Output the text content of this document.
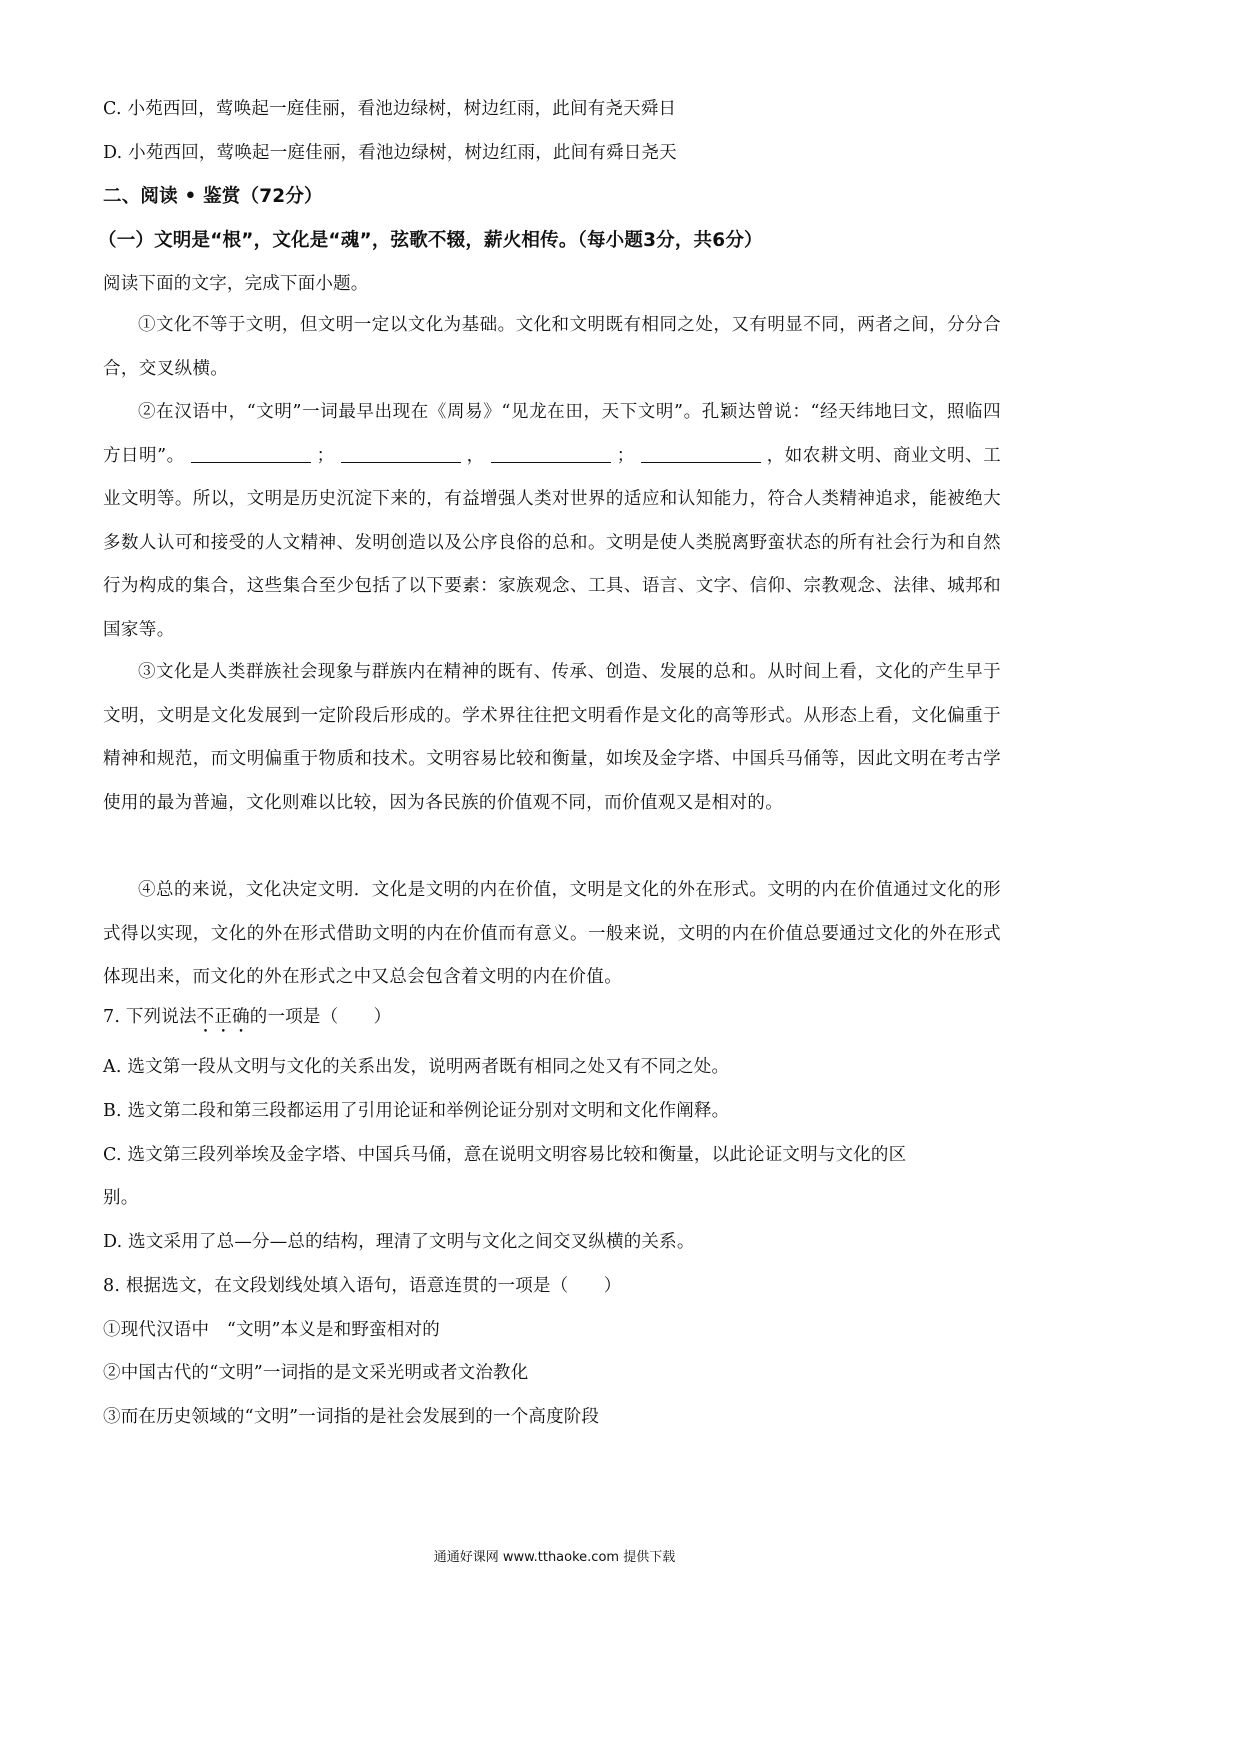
C. 小苑西回，莺唤起一庭佳丽，看池边绿树，树边红雨，此间有尧天舜日
D. 小苑西回，莺唤起一庭佳丽，看池边绿树，树边红雨，此间有舜日尧天
二、阅读 • 鉴赏（72分）
（一）文明是“根”，文化是“魂”，弦歌不辍，薪火相传。（每小题3分，共6分）
阅读下面的文字，完成下面小题。
①文化不等于文明，但文明一定以文化为基础。文化和文明既有相同之处，又有明显不同，两者之间，分分合合，交叉纵横。
②在汉语中，“文明”一词最早出现在《周易》“见龙在田，天下文明”。孔颖达曾说：“经天纬地曰文，照临四方日明”。	；	，	；	，如农耕文明、商业文明、工业文明等。所以，文明是历史沉淀下来的，有益增强人类对世界的适应和认知能力，符合人类精神追求，能被绝大多数人认可和接受的人文精神、发明创造以及公序良俗的总和。文明是使人类脱离野蛮状态的所有社会行为和自然行为构成的集合，这些集合至少包括了以下要素：家族观念、工具、语言、文字、信仰、宗教观念、法律、城邦和国家等。
③文化是人类群族社会现象与群族内在精神的既有、传承、创造、发展的总和。从时间上看，文化的产生早于文明，文明是文化发展到一定阶段后形成的。学术界往往把文明看作是文化的高等形式。从形态上看，文化偏重于精神和规范，而文明偏重于物质和技术。文明容易比较和衡量，如埃及金字塔、中国兵马俑等，因此文明在考古学使用的最为普遍，文化则难以比较，因为各民族的价值观不同，而价值观又是相对的。
④总的来说，文化决定文明．文化是文明的内在价值，文明是文化的外在形式。文明的内在价值通过文化的形式得以实现，文化的外在形式借助文明的内在价值而有意义。一般来说，文明的内在价值总要通过文化的外在形式体现出来，而文化的外在形式之中又总会包含着文明的内在价值。
7. 下列说法不正确的一项是（　　）
A. 选文第一段从文明与文化的关系出发，说明两者既有相同之处又有不同之处。
B. 选文第二段和第三段都运用了引用论证和举例论证分别对文明和文化作阐释。
C. 选文第三段列举埃及金字塔、中国兵马俑，意在说明文明容易比较和衡量，以此论证文明与文化的区
别。
D. 选文采用了总—分—总的结构，理清了文明与文化之间交叉纵横的关系。
8. 根据选文，在文段划线处填入语句，语意连贯的一项是（　　）
①现代汉语中　“文明”本义是和野蛮相对的
②中国古代的“文明”一词指的是文采光明或者文治教化
③而在历史领域的“文明”一词指的是社会发展到的一个高度阶段
通通好课网 www.tthaoke.com 提供下载
